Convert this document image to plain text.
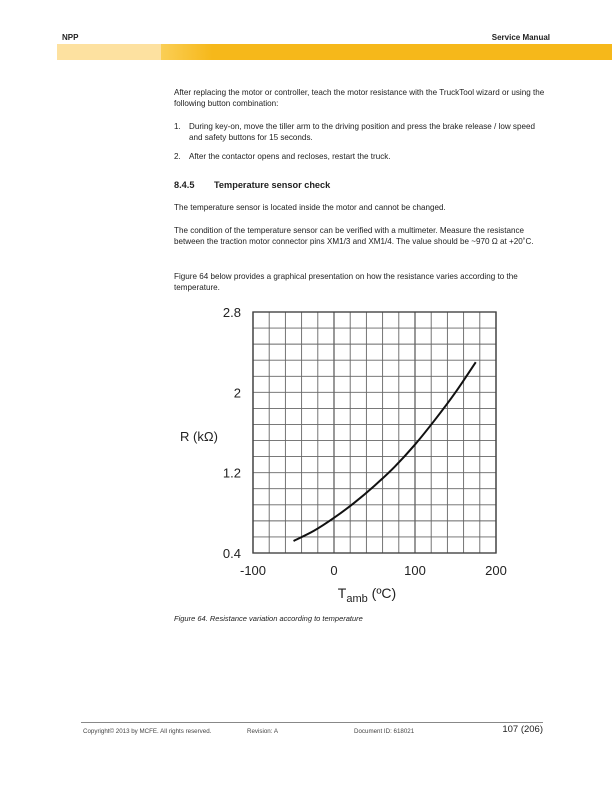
NPP	Service Manual
After replacing the motor or controller, teach the motor resistance with the TruckTool wizard or using the following button combination:
1. During key-on, move the tiller arm to the driving position and press the brake release / low speed and safety buttons for 15 seconds.
2. After the contactor opens and recloses, restart the truck.
8.4.5 Temperature sensor check
The temperature sensor is located inside the motor and cannot be changed.
The condition of the temperature sensor can be verified with a multimeter. Measure the resistance between the traction motor connector pins XM1/3 and XM1/4. The value should be ~970 Ω at +20˚C.
Figure 64 below provides a graphical presentation on how the resistance varies according to the temperature.
0.4
1.2
2
2.8
-100	0	100	200
R (kΩ)
$T_{amb}$ (ºC)
Figure 64. Resistance variation according to temperature
Copyright© 2013 by MCFE. All rights reserved.	Revision: A	Document ID: 618021	107 (206)
